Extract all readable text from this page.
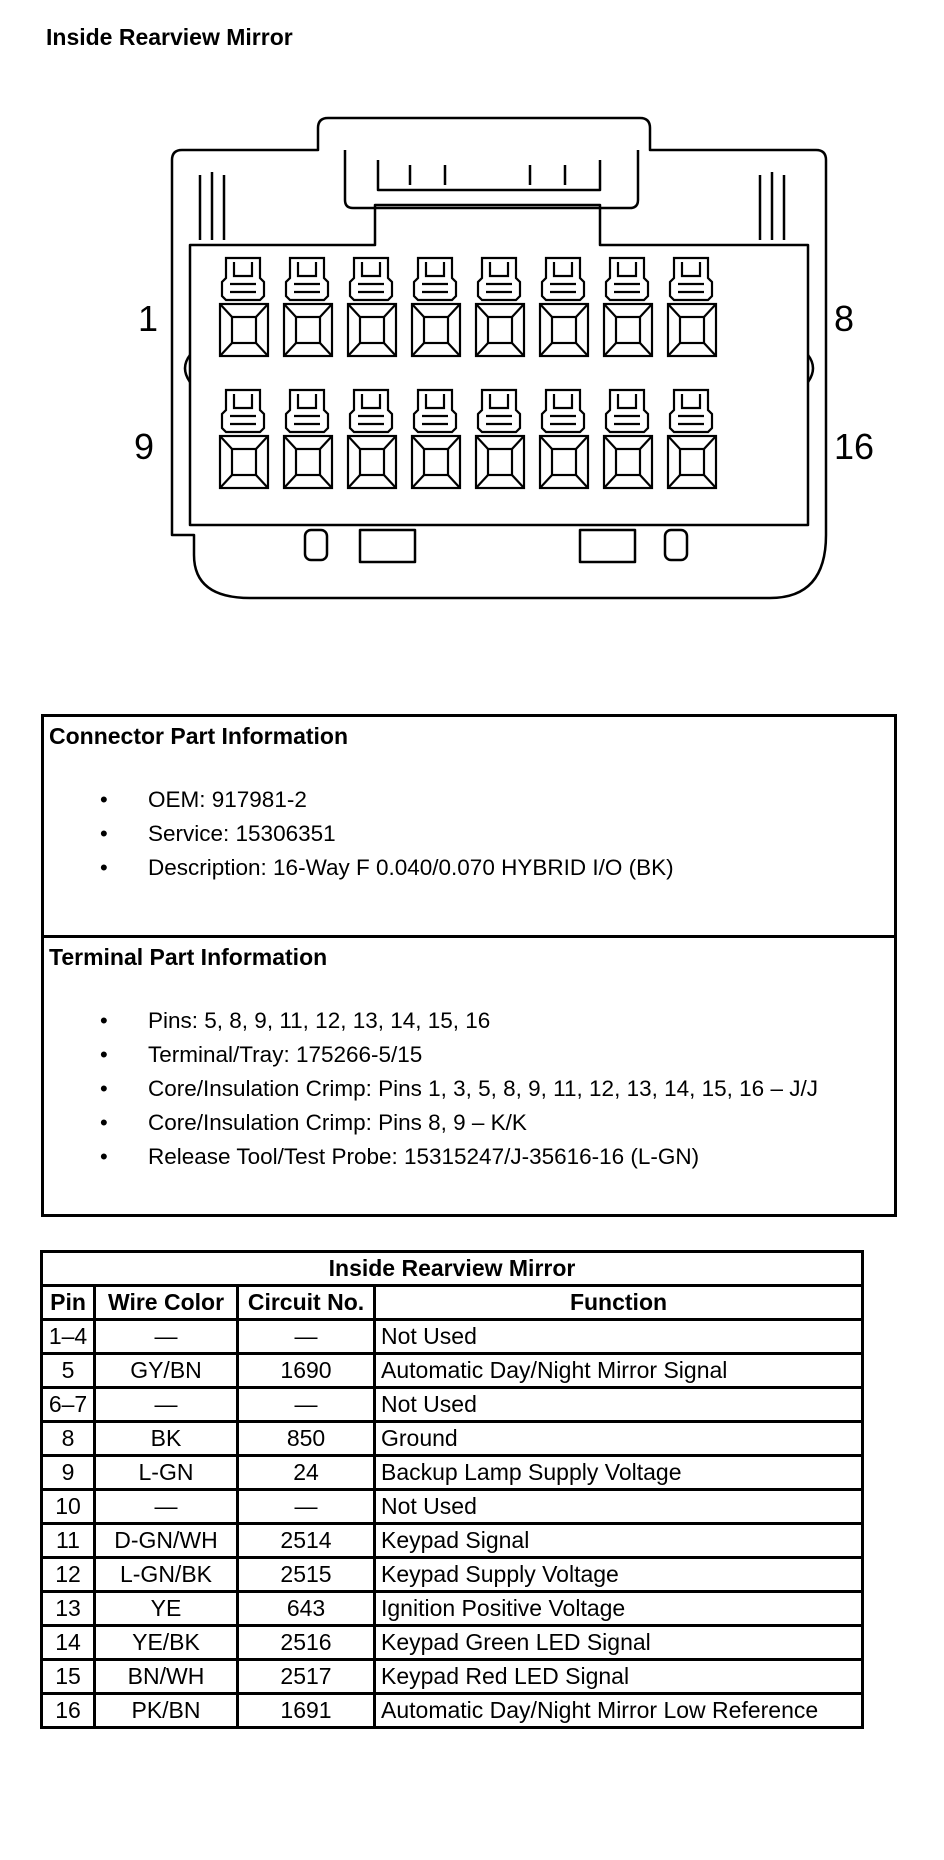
Inside Rearview Mirror
1	8
9	16
Connector Part Information
• OEM: 917981-2
• Service: 15306351
• Description: 16-Way F 0.040/0.070 HYBRID I/O (BK)
Terminal Part Information
• Pins: 5, 8, 9, 11, 12, 13, 14, 15, 16
• Terminal/Tray: 175266-5/15
• Core/Insulation Crimp: Pins 1, 3, 5, 8, 9, 11, 12, 13, 14, 15, 16 – J/J
• Core/Insulation Crimp: Pins 8, 9 – K/K
• Release Tool/Test Probe: 15315247/J-35616-16 (L-GN)
Inside Rearview Mirror			
Pin	Wire Color	Circuit No.	Function
1–4	—	—	Not Used
5	GY/BN	1690	Automatic Day/Night Mirror Signal
6–7	—	—	Not Used
8	BK	850	Ground
9	L-GN	24	Backup Lamp Supply Voltage
10	—	—	Not Used
11	D-GN/WH	2514	Keypad Signal
12	L-GN/BK	2515	Keypad Supply Voltage
13	YE	643	Ignition Positive Voltage
14	YE/BK	2516	Keypad Green LED Signal
15	BN/WH	2517	Keypad Red LED Signal
16	PK/BN	1691	Automatic Day/Night Mirror Low Reference
